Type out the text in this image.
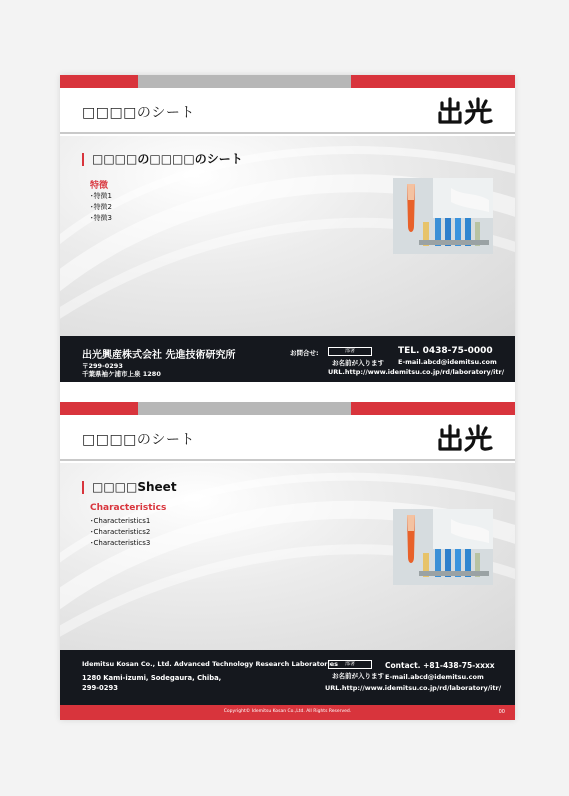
□□□□のシート
□□□□の□□□□のシート
特徴
･特徴1
･特徴2
･特徴3
出光興産株式会社 先進技術研究所
〒299-0293
千葉県袖ケ浦市上泉 1280
お問合せ:	部署
お名前が入ります
TEL. 0438-75-0000
E-mail.abcd@idemitsu.com
URL.http://www.idemitsu.co.jp/rd/laboratory/itr/
□□□□のシート
□□□□Sheet
Characteristics
･Characteristics1
･Characteristics2
･Characteristics3
Idemitsu Kosan Co., Ltd. Advanced Technology Research Laboratories
1280 Kami-izumi, Sodegaura, Chiba,
299-0293
部署
お名前が入ります
Contact. +81-438-75-xxxx
E-mail.abcd@idemitsu.com
URL.http://www.idemitsu.co.jp/rd/laboratory/itr/
Copyright© Idemitsu Kosan Co.,Ltd. All Rights Reserved.	00
